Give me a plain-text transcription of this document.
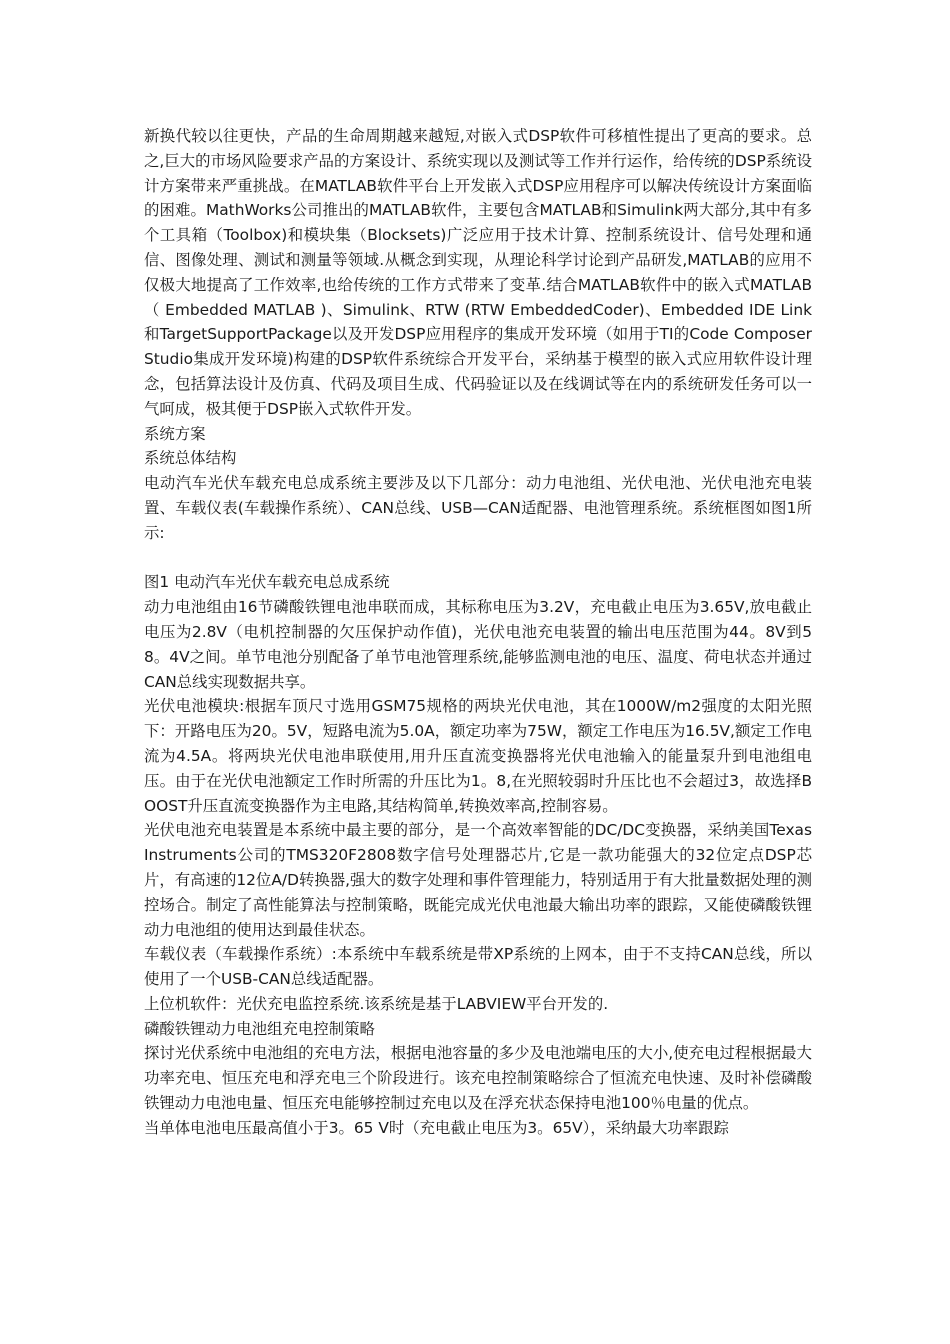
新换代较以往更快，产品的生命周期越来越短,对嵌入式DSP软件可移植性提出了更高的要求。总之,巨大的市场风险要求产品的方案设计、系统实现以及测试等工作并行运作，给传统的DSP系统设计方案带来严重挑战。在MATLAB软件平台上开发嵌入式DSP应用程序可以解决传统设计方案面临的困难。MathWorks公司推出的MATLAB软件，主要包含MATLAB和Simulink两大部分,其中有多个工具箱（Toolbox)和模块集（Blocksets)广泛应用于技术计算、控制系统设计、信号处理和通信、图像处理、测试和测量等领域.从概念到实现，从理论科学讨论到产品研发,MATLAB的应用不仅极大地提高了工作效率,也给传统的工作方式带来了变革.结合MATLAB软件中的嵌入式MATLAB （ Embedded MATLAB )、Simulink、RTW (RTW EmbeddedCoder)、Embedded IDE Link和TargetSupportPackage以及开发DSP应用程序的集成开发环境（如用于TI的Code Composer Studio集成开发环境)构建的DSP软件系统综合开发平台，采纳基于模型的嵌入式应用软件设计理念，包括算法设计及仿真、代码及项目生成、代码验证以及在线调试等在内的系统研发任务可以一气呵成，极其便于DSP嵌入式软件开发。

系统方案

系统总体结构

电动汽车光伏车载充电总成系统主要涉及以下几部分：动力电池组、光伏电池、光伏电池充电装置、车载仪表(车载操作系统）、CAN总线、USB—CAN适配器、电池管理系统。系统框图如图1所示:

图1 电动汽车光伏车载充电总成系统

动力电池组由16节磷酸铁锂电池串联而成，其标称电压为3.2V，充电截止电压为3.65V,放电截止电压为2.8V（电机控制器的欠压保护动作值)，光伏电池充电装置的输出电压范围为44。8V到58。4V之间。单节电池分别配备了单节电池管理系统,能够监测电池的电压、温度、荷电状态并通过CAN总线实现数据共享。

光伏电池模块:根据车顶尺寸选用GSM75规格的两块光伏电池，其在1000W/m2强度的太阳光照下：开路电压为20。5V，短路电流为5.0A，额定功率为75W，额定工作电压为16.5V,额定工作电流为4.5A。将两块光伏电池串联使用,用升压直流变换器将光伏电池输入的能量泵升到电池组电压。由于在光伏电池额定工作时所需的升压比为1。8,在光照较弱时升压比也不会超过3，故选择BOOST升压直流变换器作为主电路,其结构简单,转换效率高,控制容易。

光伏电池充电装置是本系统中最主要的部分，是一个高效率智能的DC/DC变换器，采纳美国Texas Instruments公司的TMS320F2808数字信号处理器芯片,它是一款功能强大的32位定点DSP芯片，有高速的12位A/D转换器,强大的数字处理和事件管理能力，特别适用于有大批量数据处理的测控场合。制定了高性能算法与控制策略，既能完成光伏电池最大输出功率的跟踪，又能使磷酸铁锂动力电池组的使用达到最佳状态。

车载仪表（车载操作系统）:本系统中车载系统是带XP系统的上网本，由于不支持CAN总线，所以使用了一个USB-CAN总线适配器。

上位机软件：光伏充电监控系统.该系统是基于LABVIEW平台开发的.

磷酸铁锂动力电池组充电控制策略

探讨光伏系统中电池组的充电方法，根据电池容量的多少及电池端电压的大小,使充电过程根据最大功率充电、恒压充电和浮充电三个阶段进行。该充电控制策略综合了恒流充电快速、及时补偿磷酸铁锂动力电池电量、恒压充电能够控制过充电以及在浮充状态保持电池100％电量的优点。

当单体电池电压最高值小于3。65 V时（充电截止电压为3。65V），采纳最大功率跟踪
